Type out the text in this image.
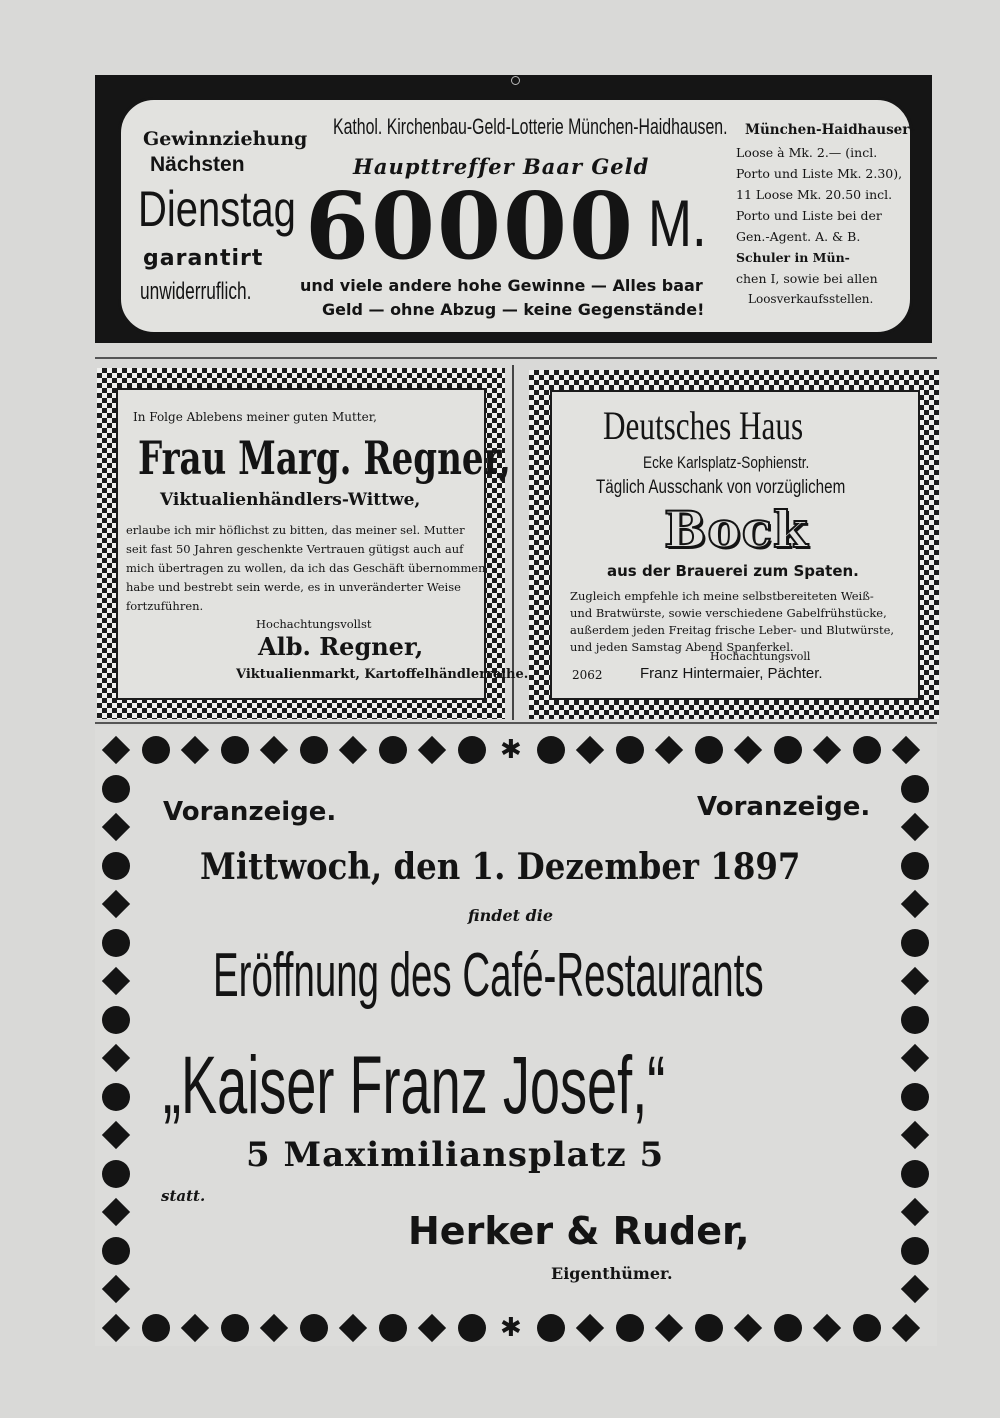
Gewinnziehung
Nächsten
Dienstag
garantirt
unwiderruflich.
Kathol. Kirchenbau-Geld-Lotterie München-Haidhausen.
Haupttreffer Baar Geld
60000 M.
und viele andere hohe Gewinne — Alles baar
Geld — ohne Abzug — keine Gegenstände!
München-Haidhauser-
Loose à Mk. 2.— (incl.
Porto und Liste Mk. 2.30),
11 Loose Mk. 20.50 incl.
Porto und Liste bei der
Gen.-Agent. A. & B.
Schuler in Mün-
chen I, sowie bei allen
Loosverkaufsstellen.
In Folge Ablebens meiner guten Mutter,
Frau Marg. Regner,
Viktualienhändlers-Wittwe,
erlaube ich mir höflichst zu bitten, das meiner sel. Mutter
seit fast 50 Jahren geschenkte Vertrauen gütigst auch auf
mich übertragen zu wollen, da ich das Geschäft übernommen
habe und bestrebt sein werde, es in unveränderter Weise
fortzuführen.
Hochachtungsvollst
Alb. Regner,
Viktualienmarkt, Kartoffelhändlerreihe.
Deutsches Haus
Ecke Karlsplatz-Sophienstr.
Täglich Ausschank von vorzüglichem
Bock
aus der Brauerei zum Spaten.
Zugleich empfehle ich meine selbstbereiteten Weiß-
und Bratwürste, sowie verschiedene Gabelfrühstücke,
außerdem jeden Freitag frische Leber- und Blutwürste,
und jeden Samstag Abend Spanferkel.
Hochachtungsvoll
2062 Franz Hintermaier, Pächter.
Voranzeige.	Voranzeige.
Mittwoch, den 1. Dezember 1897
findet die
Eröffnung des Café-Restaurants
„Kaiser Franz Josef,“
5 Maximiliansplatz 5
statt.
Herker & Ruder,
Eigenthümer.
✱
✱
